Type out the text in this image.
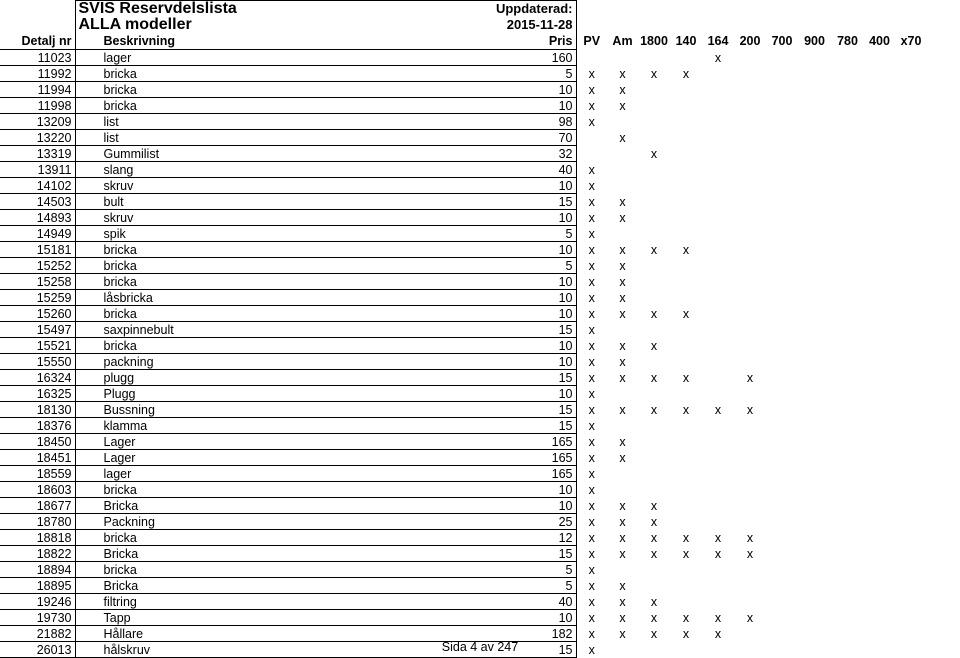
	SVIS Reservdelslista	Uppdaterad:											
	ALLA modeller	2015-11-28											
Detalj nr	Beskrivning	Pris	PV	Am	1800	140	164	200	700	900	780	400	x70
11023	lager	160					x						
11992	bricka	5	x	x	x	x							
11994	bricka	10	x	x									
11998	bricka	10	x	x									
13209	list	98	x										
13220	list	70		x									
13319	Gummilist	32			x								
13911	slang	40	x										
14102	skruv	10	x										
14503	bult	15	x	x									
14893	skruv	10	x	x									
14949	spik	5	x										
15181	bricka	10	x	x	x	x							
15252	bricka	5	x	x									
15258	bricka	10	x	x									
15259	låsbricka	10	x	x									
15260	bricka	10	x	x	x	x							
15497	saxpinnebult	15	x										
15521	bricka	10	x	x	x								
15550	packning	10	x	x									
16324	plugg	15	x	x	x	x		x					
16325	Plugg	10	x										
18130	Bussning	15	x	x	x	x	x	x					
18376	klamma	15	x										
18450	Lager	165	x	x									
18451	Lager	165	x	x									
18559	lager	165	x										
18603	bricka	10	x										
18677	Bricka	10	x	x	x								
18780	Packning	25	x	x	x								
18818	bricka	12	x	x	x	x	x	x					
18822	Bricka	15	x	x	x	x	x	x					
18894	bricka	5	x										
18895	Bricka	5	x	x									
19246	filtring	40	x	x	x								
19730	Tapp	10	x	x	x	x	x	x					
21882	Hållare	182	x	x	x	x	x						
26013	hålskruv	15	x										
Sida 4 av 247
